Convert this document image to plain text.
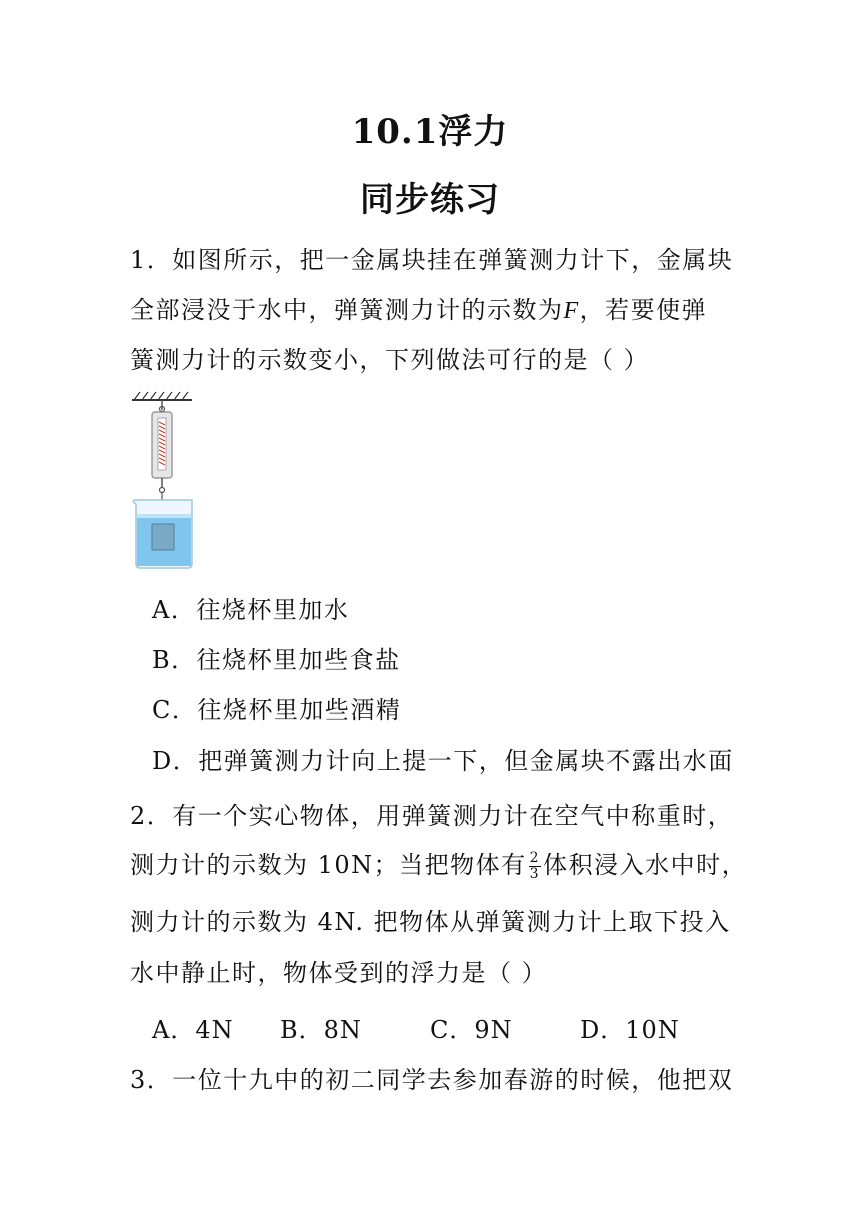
10.1浮力
同步练习
1．如图所示，把一金属块挂在弹簧测力计下，金属块
全部浸没于水中，弹簧测力计的示数为F，若要使弹
簧测力计的示数变小，下列做法可行的是（ ）
A．往烧杯里加水
B．往烧杯里加些食盐
C．往烧杯里加些酒精
D．把弹簧测力计向上提一下，但金属块不露出水面
2．有一个实心物体，用弹簧测力计在空气中称重时，
测力计的示数为 10N；当把物体有 $\frac{2}{3}$ 体积浸入水中时，
测力计的示数为 4N. 把物体从弹簧测力计上取下投入
水中静止时，物体受到的浮力是（ ）
A．4N B．8N	C．9N	D．10N
3．一位十九中的初二同学去参加春游的时候，他把双
